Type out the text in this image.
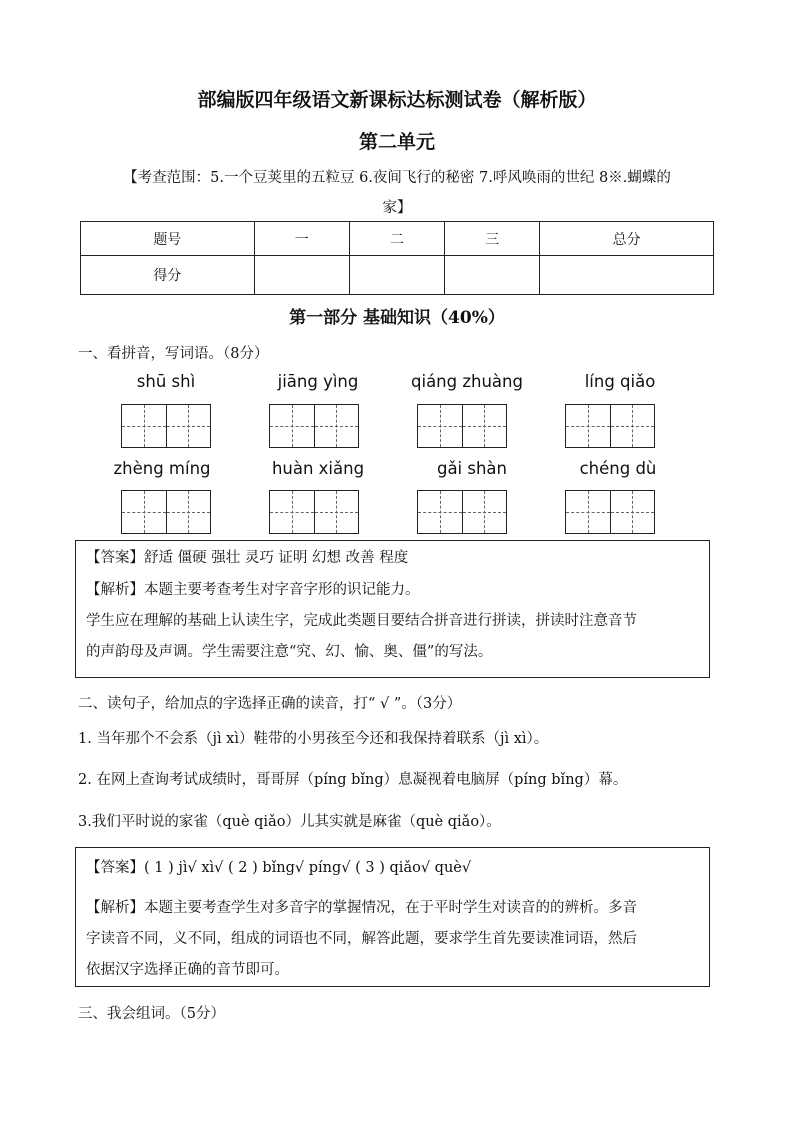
部编版四年级语文新课标达标测试卷（解析版）
第二单元
【考查范围：5.一个豆荚里的五粒豆 6.夜间飞行的秘密 7.呼风唤雨的世纪 8※.蝴蝶的
家】
题号	一	二	三	总分
得分				
第一部分 基础知识（40%）
一、看拼音，写词语。（8分）
shū shì	jiāng yìng	qiáng zhuàng	líng qiǎo
zhèng míng	huàn xiǎng	gǎi shàn	chéng dù

【答案】舒适 僵硬 强壮 灵巧 证明 幻想 改善 程度

【解析】本题主要考查考生对字音字形的识记能力。

学生应在理解的基础上认读生字，完成此类题目要结合拼音进行拼读，拼读时注意音节

的声韵母及声调。学生需要注意“究、幻、愉、奥、僵”的写法。

二、读句子，给加点的字选择正确的读音，打“ √ ”。（3分）
1. 当年那个不会系（jì xì）鞋带的小男孩至今还和我保持着联系（jì xì）。
2. 在网上查询考试成绩时，哥哥屏（píng bǐng）息凝视着电脑屏（píng bǐng）幕。
3.我们平时说的家雀（què qiǎo）儿其实就是麻雀（què qiǎo）。

【答案】( 1 ) jì√ xì√ ( 2 ) bǐng√ píng√ ( 3 ) qiǎo√ què√

【解析】本题主要考查学生对多音字的掌握情况，在于平时学生对读音的的辨析。多音

字读音不同，义不同，组成的词语也不同，解答此题，要求学生首先要读准词语，然后

依据汉字选择正确的音节即可。

三、我会组词。（5分）
